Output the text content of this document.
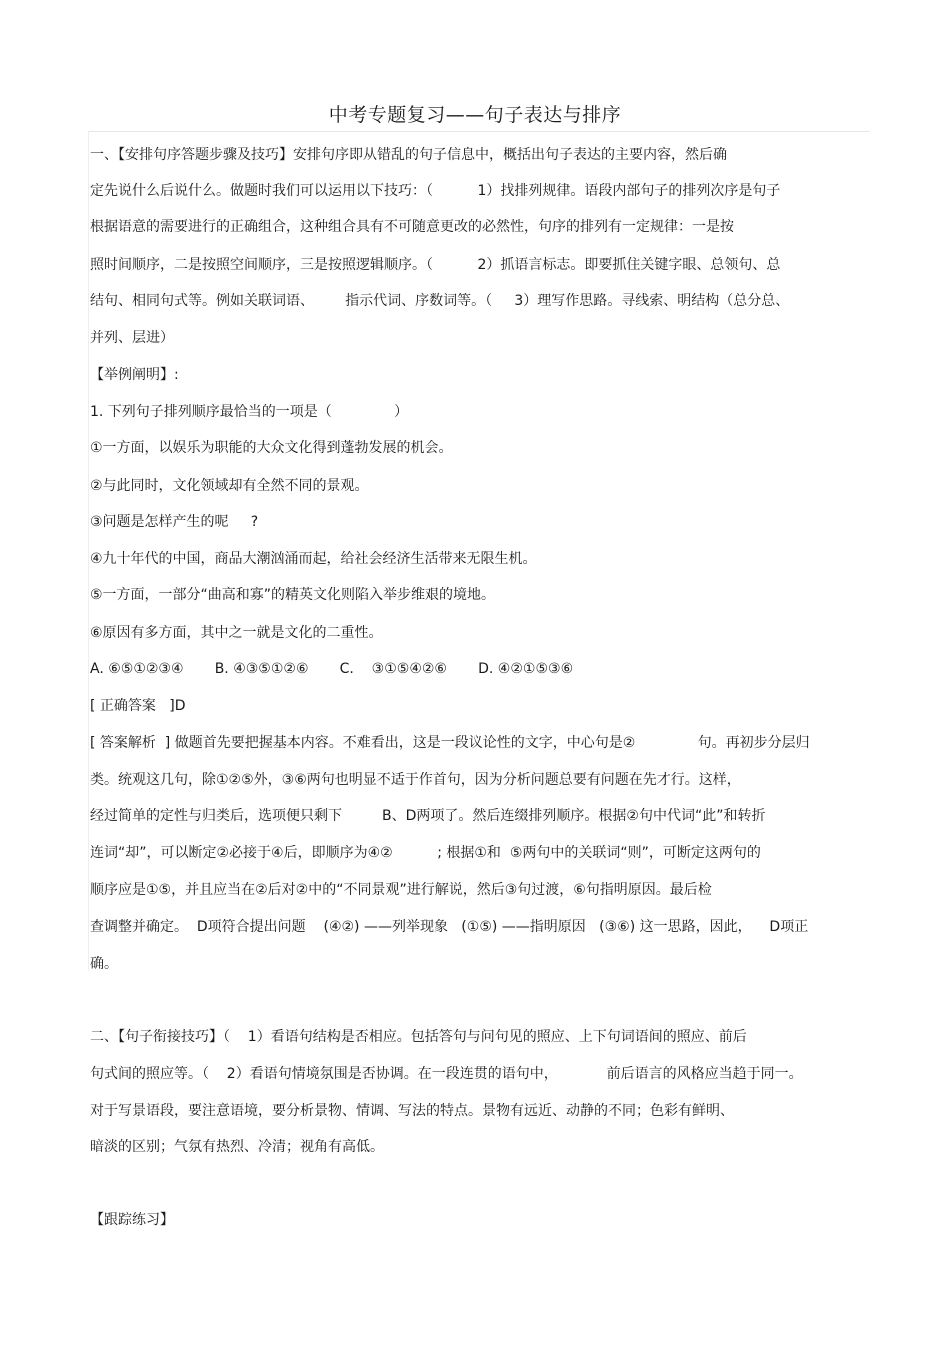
中考专题复习——句子表达与排序
一、【安排句序答题步骤及技巧】安排句序即从错乱的句子信息中，概括出句子表达的主要内容，然后确
定先说什么后说什么。做题时我们可以运用以下技巧：（          1）找排列规律。语段内部句子的排列次序是句子
根据语意的需要进行的正确组合，这种组合具有不可随意更改的必然性，句序的排列有一定规律：一是按
照时间顺序，二是按照空间顺序，三是按照逻辑顺序。（          2）抓语言标志。即要抓住关键字眼、总领句、总
结句、相同句式等。例如关联词语、       指示代词、序数词等。（     3）理写作思路。寻线索、明结构（总分总、
并列、层进）
【举例阐明】:
1. 下列句子排列顺序最恰当的一项是（              ）
①一方面，以娱乐为职能的大众文化得到蓬勃发展的机会。
②与此同时，文化领域却有全然不同的景观。
③问题是怎样产生的呢     ?
④九十年代的中国，商品大潮汹涌而起，给社会经济生活带来无限生机。
⑤一方面，一部分“曲高和寡”的精英文化则陷入举步维艰的境地。
⑥原因有多方面，其中之一就是文化的二重性。
A. ⑥⑤①②③④       B. ④③⑤①②⑥       C.    ③①⑤④②⑥       D. ④②①⑤③⑥
[ 正确答案   ]D
[ 答案解析  ] 做题首先要把握基本内容。不难看出，这是一段议论性的文字，中心句是②              句。再初步分层归
类。统观这几句，除①②⑤外，③⑥两句也明显不适于作首句，因为分析问题总要有问题在先才行。这样，
经过简单的定性与归类后，选项便只剩下         B、D两项了。然后连缀排列顺序。根据②句中代词“此”和转折
连词“却”，可以断定②必接于④后，即顺序为④②          ; 根据①和  ⑤两句中的关联词“则”，可断定这两句的
顺序应是①⑤，并且应当在②后对②中的“不同景观”进行解说，然后③句过渡，⑥句指明原因。最后检
查调整并确定。  D项符合提出问题    (④②) ——列举现象   (①⑤) ——指明原因   (③⑥) 这一思路，因此，    D项正
确。
二、【句子衔接技巧】（    1）看语句结构是否相应。包括答句与问句见的照应、上下句词语间的照应、前后
句式间的照应等。（    2）看语句情境氛围是否协调。在一段连贯的语句中，           前后语言的风格应当趋于同一。
对于写景语段，要注意语境，要分析景物、情调、写法的特点。景物有远近、动静的不同；色彩有鲜明、
暗淡的区别；气氛有热烈、冷清；视角有高低。
【跟踪练习】
